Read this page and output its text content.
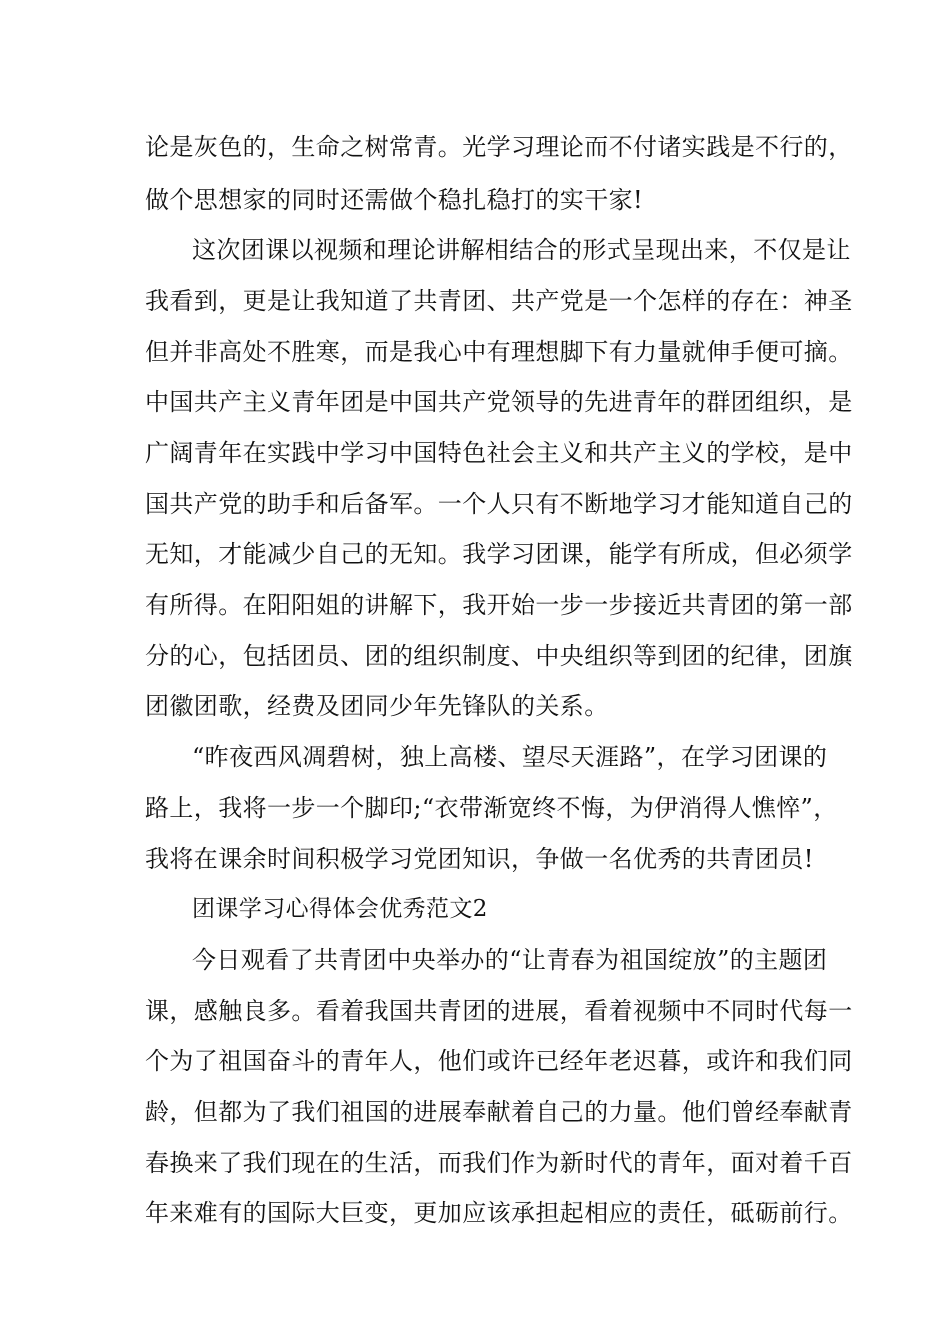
论是灰色的，生命之树常青。光学习理论而不付诸实践是不行的，
做个思想家的同时还需做个稳扎稳打的实干家!
这次团课以视频和理论讲解相结合的形式呈现出来，不仅是让
我看到，更是让我知道了共青团、共产党是一个怎样的存在：神圣
但并非高处不胜寒，而是我心中有理想脚下有力量就伸手便可摘。
中国共产主义青年团是中国共产党领导的先进青年的群团组织，是
广阔青年在实践中学习中国特色社会主义和共产主义的学校，是中
国共产党的助手和后备军。一个人只有不断地学习才能知道自己的
无知，才能减少自己的无知。我学习团课，能学有所成，但必须学
有所得。在阳阳姐的讲解下，我开始一步一步接近共青团的第一部
分的心，包括团员、团的组织制度、中央组织等到团的纪律，团旗
团徽团歌，经费及团同少年先锋队的关系。
“昨夜西风凋碧树，独上高楼、望尽天涯路”，在学习团课的
路上，我将一步一个脚印;“衣带渐宽终不悔，为伊消得人憔悴”，
我将在课余时间积极学习党团知识，争做一名优秀的共青团员!
团课学习心得体会优秀范文2
今日观看了共青团中央举办的“让青春为祖国绽放”的主题团
课，感触良多。看着我国共青团的进展，看着视频中不同时代每一
个为了祖国奋斗的青年人，他们或许已经年老迟暮，或许和我们同
龄，但都为了我们祖国的进展奉献着自己的力量。他们曾经奉献青
春换来了我们现在的生活，而我们作为新时代的青年，面对着千百
年来难有的国际大巨变，更加应该承担起相应的责任，砥砺前行。
